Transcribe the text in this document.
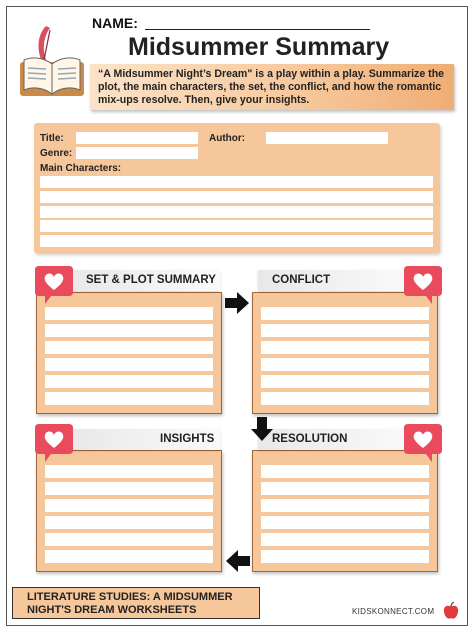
NAME:
Midsummer Summary
“A Midsummer Night’s Dream" is a play within a play. Summarize the plot, the main characters, the set, the conflict, and how the romantic mix-ups resolve. Then, give your insights.
Title:	Author:
Genre:
Main Characters:
SET & PLOT SUMMARY	CONFLICT
INSIGHTS	RESOLUTION
LITERATURE STUDIES: A MIDSUMMER NIGHT'S DREAM WORKSHEETS	KIDSKONNECT.COM
